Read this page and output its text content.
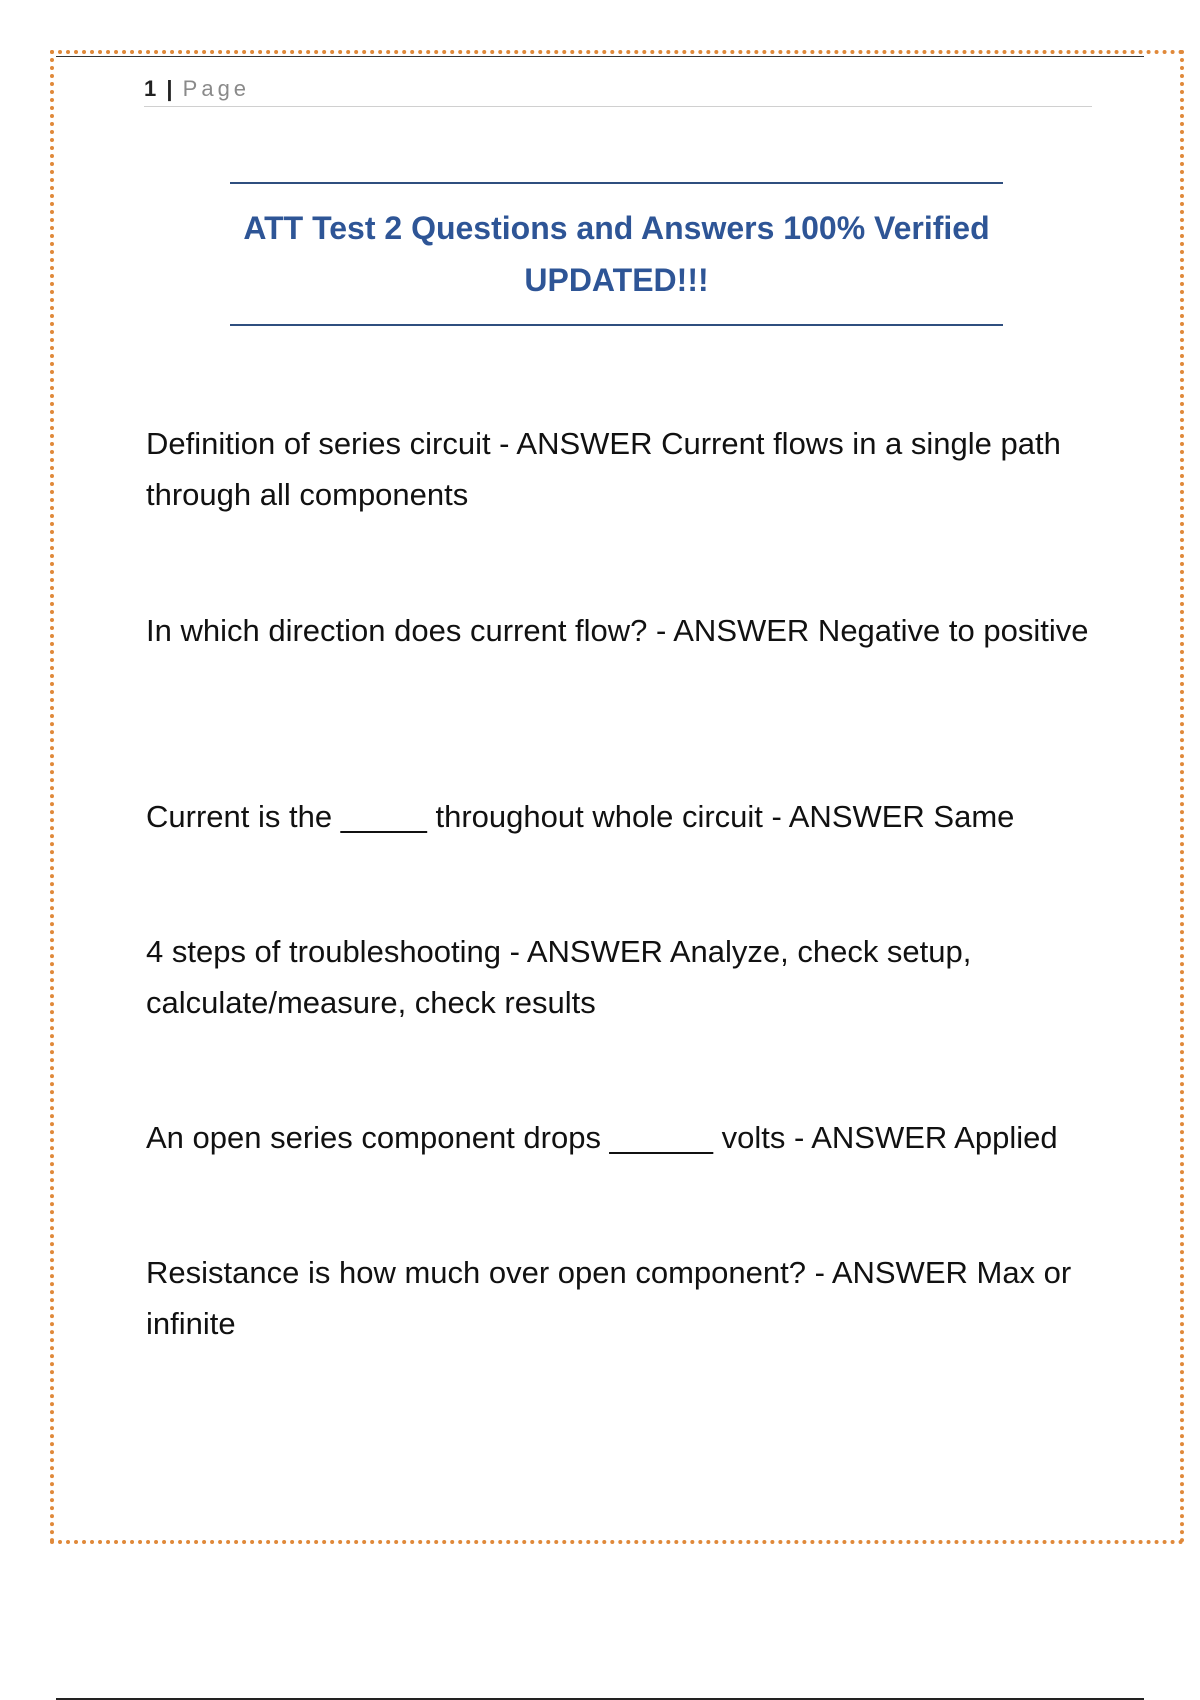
1 | Page
ATT Test 2 Questions and Answers 100% Verified
UPDATED!!!

Definition of series circuit - ANSWER Current flows in a single path through all components

In which direction does current flow? - ANSWER Negative to positive

Current is the _____ throughout whole circuit - ANSWER Same

4 steps of troubleshooting - ANSWER Analyze, check setup, calculate/measure, check results

An open series component drops ______ volts - ANSWER Applied

Resistance is how much over open component? - ANSWER Max or infinite
